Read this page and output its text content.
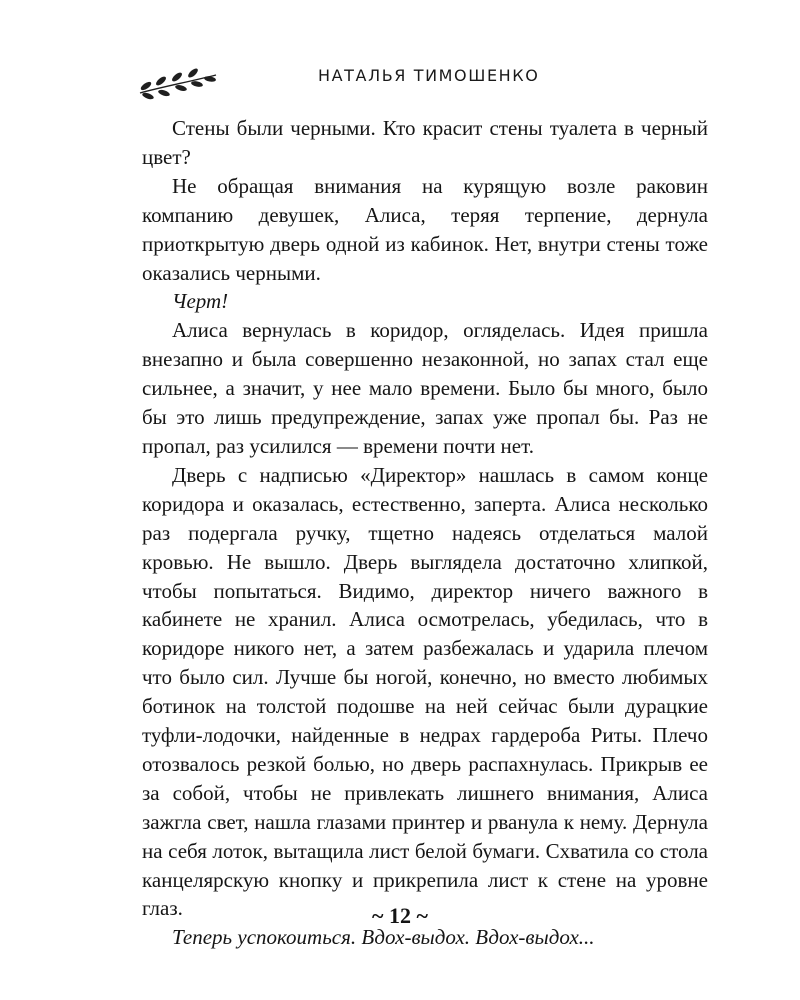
НАТАЛЬЯ ТИМОШЕНКО

Стены были черными. Кто красит стены туалета в черный цвет?

Не обращая внимания на курящую возле раковин компанию девушек, Алиса, теряя терпение, дернула приоткрытую дверь одной из кабинок. Нет, внутри стены тоже оказались черными.

Черт!

Алиса вернулась в коридор, огляделась. Идея пришла внезапно и была совершенно незаконной, но запах стал еще сильнее, а значит, у нее мало времени. Было бы много, было бы это лишь предупреждение, запах уже пропал бы. Раз не пропал, раз усилился — времени почти нет.

Дверь с надписью «Директор» нашлась в самом конце коридора и оказалась, естественно, заперта. Алиса несколько раз подергала ручку, тщетно надеясь отделаться малой кровью. Не вышло. Дверь выглядела достаточно хлипкой, чтобы попытаться. Видимо, директор ничего важного в кабинете не хранил. Алиса осмотрелась, убедилась, что в коридоре никого нет, а затем разбежалась и ударила плечом что было сил. Лучше бы ногой, конечно, но вместо любимых ботинок на толстой подошве на ней сейчас были дурацкие туфли-лодочки, найденные в недрах гардероба Риты. Плечо отозвалось резкой болью, но дверь распахнулась. Прикрыв ее за собой, чтобы не привлекать лишнего внимания, Алиса зажгла свет, нашла глазами принтер и рванула к нему. Дернула на себя лоток, вытащила лист белой бумаги. Схватила со стола канцелярскую кнопку и прикрепила лист к стене на уровне глаз.

Теперь успокоиться. Вдох-выдох. Вдох-выдох...

~ 12 ~
